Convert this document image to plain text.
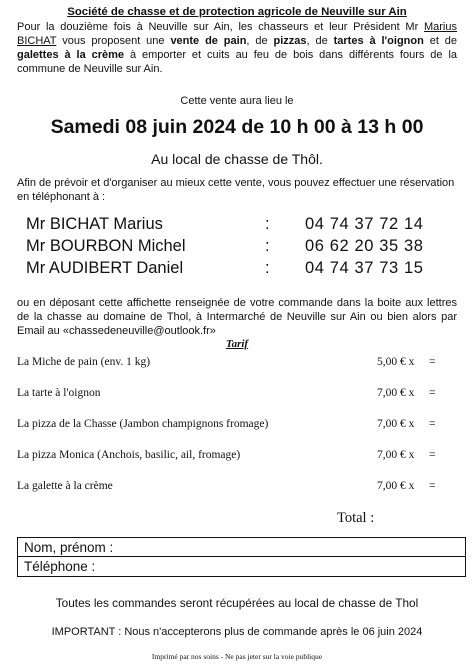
Société de chasse et de protection agricole de Neuville sur Ain
Pour la douzième fois à Neuville sur Ain, les chasseurs et leur Président Mr Marius BICHAT vous proposent une vente de pain, de pizzas, de tartes à l'oignon et de galettes à la crème à emporter et cuits au feu de bois dans différents fours de la commune de Neuville sur Ain.
Cette vente aura lieu le
Samedi 08 juin 2024 de 10 h 00 à 13 h 00
Au local de chasse de Thôl.
Afin de prévoir et d'organiser au mieux cette vente, vous pouvez effectuer une réservation en téléphonant à :
Mr BICHAT Marius	: 04 74 37 72 14
Mr BOURBON Michel	: 06 62 20 35 38
Mr AUDIBERT Daniel	: 04 74 37 73 15
ou en déposant cette affichette renseignée de votre commande dans la boite aux lettres de la chasse au domaine de Thol, à Intermarché de Neuville sur Ain ou bien alors par Email au «chassedeneuville@outlook.fr»
Tarif
La Miche de pain (env. 1 kg)	5,00 € x =
La tarte à l'oignon	7,00 € x =
La pizza de la Chasse (Jambon champignons fromage)	7,00 € x =
La pizza Monica (Anchois, basilic, ail, fromage)	7,00 € x =
La galette à la crème	7,00 € x =
Total :
Nom, prénom :
Téléphone :
Toutes les commandes seront récupérées au local de chasse de Thol
IMPORTANT : Nous n'accepterons plus de commande après le 06 juin 2024
Imprimé par nos soins - Ne pas jeter sur la voie publique
